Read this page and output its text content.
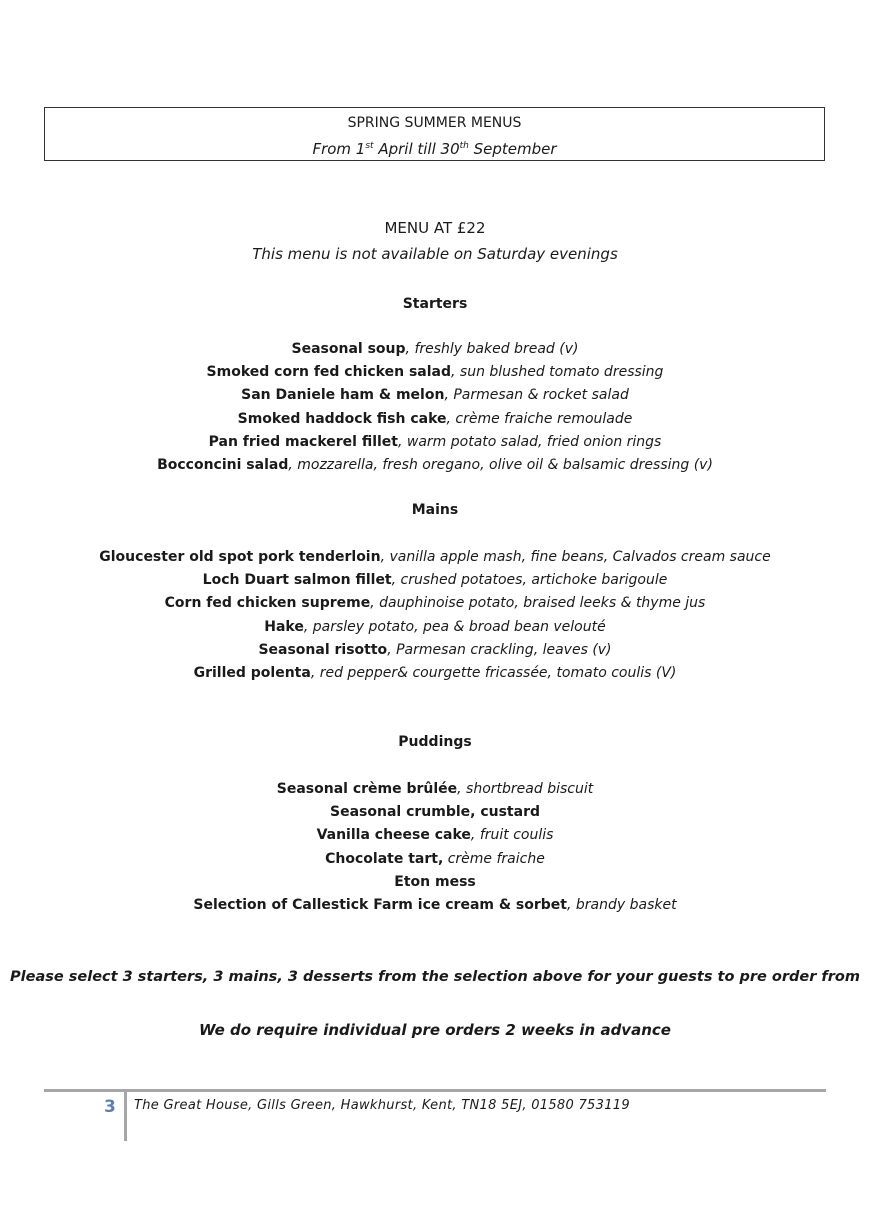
SPRING SUMMER MENUS
From 1st April till 30th September
MENU AT £22
This menu is not available on Saturday evenings
Starters
Seasonal soup, freshly baked bread (v)
Smoked corn fed chicken salad, sun blushed tomato dressing
San Daniele ham & melon, Parmesan & rocket salad
Smoked haddock fish cake, crème fraiche remoulade
Pan fried mackerel fillet, warm potato salad, fried onion rings
Bocconcini salad, mozzarella, fresh oregano, olive oil & balsamic dressing (v)
Mains
Gloucester old spot pork tenderloin, vanilla apple mash, fine beans, Calvados cream sauce
Loch Duart salmon fillet, crushed potatoes, artichoke barigoule
Corn fed chicken supreme, dauphinoise potato, braised leeks & thyme jus
Hake, parsley potato, pea & broad bean velouté
Seasonal risotto, Parmesan crackling, leaves (v)
Grilled polenta, red pepper& courgette fricassée, tomato coulis (V)
Puddings
Seasonal crème brûlée, shortbread biscuit
Seasonal crumble, custard
Vanilla cheese cake, fruit coulis
Chocolate tart, crème fraiche
Eton mess
Selection of Callestick Farm ice cream & sorbet, brandy basket
Please select 3 starters, 3 mains, 3 desserts from the selection above for your guests to pre order from
We do require individual pre orders 2 weeks in advance
3 The Great House, Gills Green, Hawkhurst, Kent, TN18 5EJ, 01580 753119
